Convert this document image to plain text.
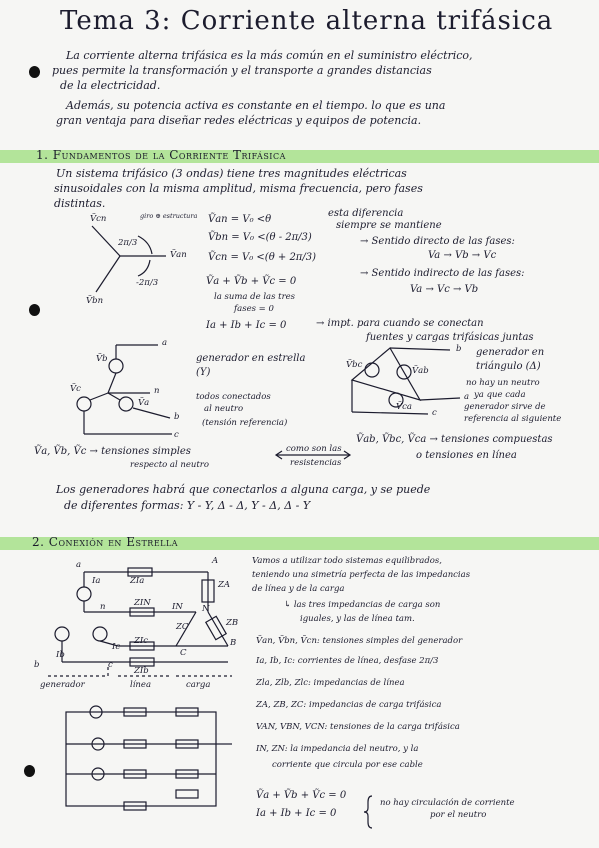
Tema 3: Corriente alterna trifásica
La corriente alterna trifásica es la más común en el suministro eléctrico,
pues permite la transformación y el transporte a grandes distancias
de la electricidad.
Además, su potencia activa es constante en el tiempo. lo que es una
gran ventaja para diseñar redes eléctricas y equipos de potencia.
1. Fundamentos de la Corriente Trifásica
Un sistema trifásico (3 ondas) tiene tres magnitudes eléctricas
sinusoidales con la misma amplitud, misma frecuencia, pero fases
distintas.
Ṽcn	giro ⊕ estructura
2π/3
Ṽan
-2π/3
Ṽbn
Ṽan = V₀ <θ
Ṽbn = V₀ <(θ - 2π/3)
Ṽcn = V₀ <(θ + 2π/3)
Ṽa + Ṽb + Ṽc = 0
la suma de las tres
fases = 0
Ia + Ib + Ic = 0
esta diferencia
siempre se mantiene
→ Sentido directo de las fases:
Va → Vb → Vc
→ Sentido indirecto de las fases:
Va → Vc → Vb
→ impt. para cuando se conectan
fuentes y cargas trifásicas juntas
a
n
b
c
Ṽb
Ṽc
Ṽa
generador en estrella (Y)
todos conectados
al neutro
(tensión referencia)
b
a
c
Ṽbc
Ṽab
Ṽca
generador en triángulo (Δ)
no hay un neutro
ya que cada
generador sirve de
referencia al siguiente
Ṽa, Ṽb, Ṽc → tensiones simples
respecto al neutro
como son las
resistencias
Ṽab, Ṽbc, Ṽca → tensiones compuestas
o tensiones en línea
Los generadores habrá que conectarlos a alguna carga, y se puede
de diferentes formas: Y - Y, Δ - Δ, Y - Δ, Δ - Y
2. Conexión en Estrella
Vamos a utilizar todo sistemas equilibrados,
teniendo una simetría perfecta de las impedancias
de línea y de la carga
↳ las tres impedancias de carga son
iguales, y las de línea tam.
Ṽan, Ṽbn, Ṽcn: tensiones simples del generador
Ia, Ib, Ic: corrientes de línea, desfase 2π/3
Zla, Zlb, Zlc: impedancias de línea
ZA, ZB, ZC: impedancias de carga trifásica
VAN, VBN, VCN: tensiones de la carga trifásica
IN, ZN: la impedancia del neutro, y la
corriente que circula por ese cable
Ṽa + Ṽb + Ṽc = 0
Ia + Ib + Ic = 0
no hay circulación de corriente
por el neutro
a	A
Ia	ZIa	ZA
n	ZIN	IN N
ZB
ZC
ZIc
C
B
ZIb
b	c
Ib
Ic
generador	línea	carga
